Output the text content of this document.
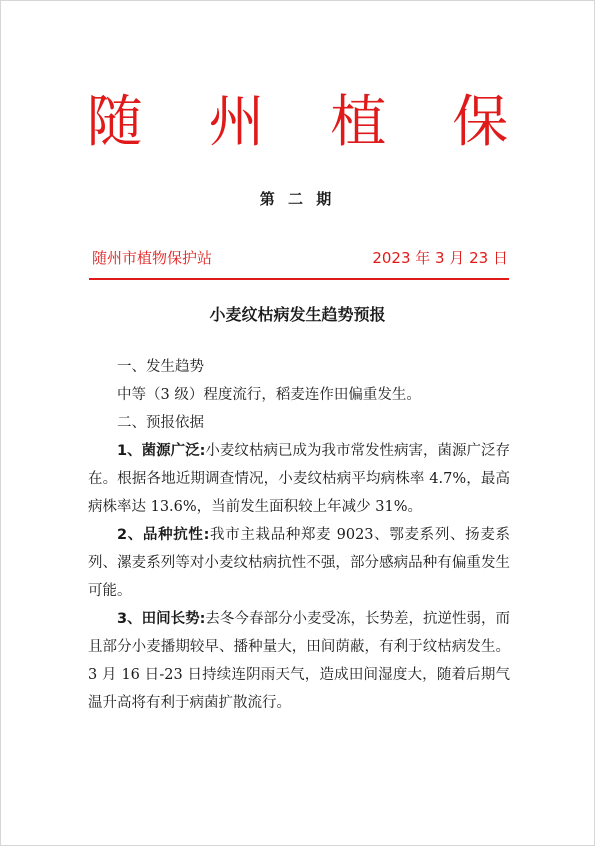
随 州 植 保
第 二 期
随州市植物保护站	2023 年 3 月 23 日
小麦纹枯病发生趋势预报

一、发生趋势

中等（3 级）程度流行，稻麦连作田偏重发生。

二、预报依据

1、菌源广泛:小麦纹枯病已成为我市常发性病害，菌源广泛存在。根据各地近期调查情况，小麦纹枯病平均病株率 4.7%，最高病株率达 13.6%，当前发生面积较上年减少 31%。

2、品种抗性:我市主栽品种郑麦 9023、鄂麦系列、扬麦系列、漯麦系列等对小麦纹枯病抗性不强，部分感病品种有偏重发生可能。

3、田间长势:去冬今春部分小麦受冻，长势差，抗逆性弱，而且部分小麦播期较早、播种量大，田间荫蔽，有利于纹枯病发生。3 月 16 日-23 日持续连阴雨天气，造成田间湿度大，随着后期气温升高将有利于病菌扩散流行。
